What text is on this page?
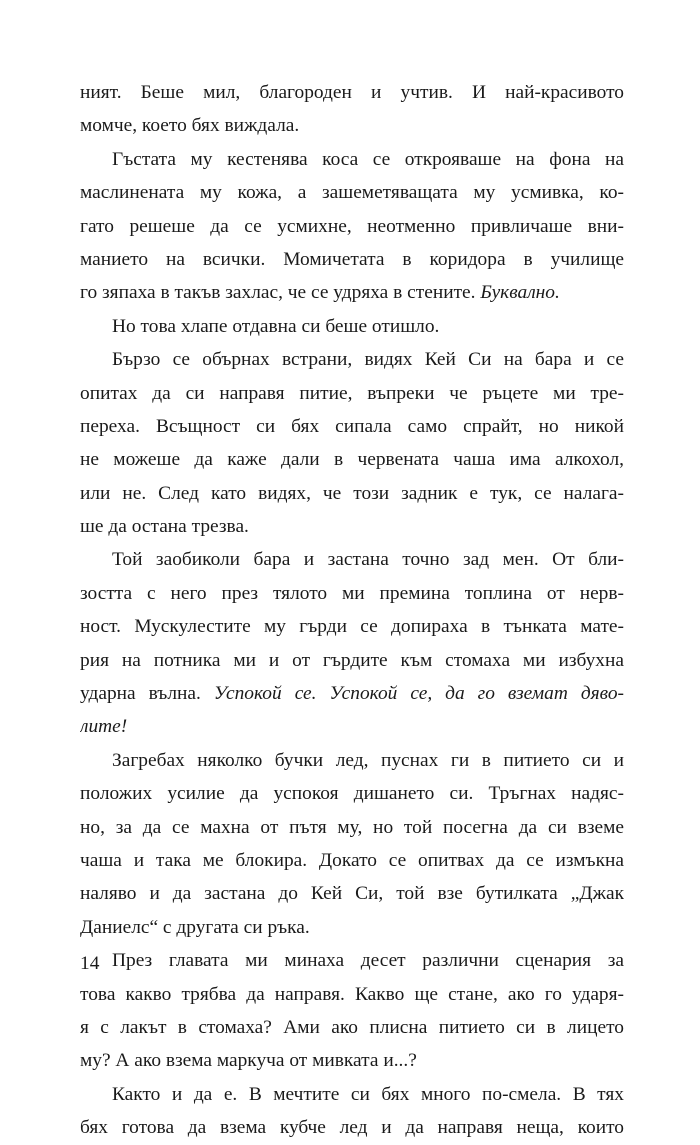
ният. Беше мил, благороден и учтив. И най-красивото
момче, което бях виждала.
Гъстата му кестенява коса се открояваше на фона на
маслинената му кожа, а зашеметяващата му усмивка, ко-
гато решеше да се усмихне, неотменно привличаше вни-
манието на всички. Момичетата в коридора в училище
го зяпаха в такъв захлас, че се удряха в стените. Буквално.
Но това хлапе отдавна си беше отишло.
Бързо се обърнах встрани, видях Кей Си на бара и се
опитах да си направя питие, въпреки че ръцете ми тре-
переха. Всъщност си бях сипала само спрайт, но никой
не можеше да каже дали в червената чаша има алкохол,
или не. След като видях, че този задник е тук, се налага-
ше да остана трезва.
Той заобиколи бара и застана точно зад мен. От бли-
зостта с него през тялото ми премина топлина от нерв-
ност. Мускулестите му гърди се допираха в тънката мате-
рия на потника ми и от гърдите към стомаха ми избухна
ударна вълна. Успокой се. Успокой се, да го вземат дяво-
лите!
Загребах няколко бучки лед, пуснах ги в питието си и
положих усилие да успокоя дишането си. Тръгнах надяс-
но, за да се махна от пътя му, но той посегна да си вземе
чаша и така ме блокира. Докато се опитвах да се измъкна
наляво и да застана до Кей Си, той взе бутилката „Джак
Даниелс“ с другата си ръка.
През главата ми минаха десет различни сценария за
това какво трябва да направя. Какво ще стане, ако го ударя-
я с лакът в стомаха? Ами ако плисна питието си в лицето
му? А ако взема маркуча от мивката и...?
Както и да е. В мечтите си бях много по-смела. В тях
бях готова да взема кубче лед и да направя неща, които
14
